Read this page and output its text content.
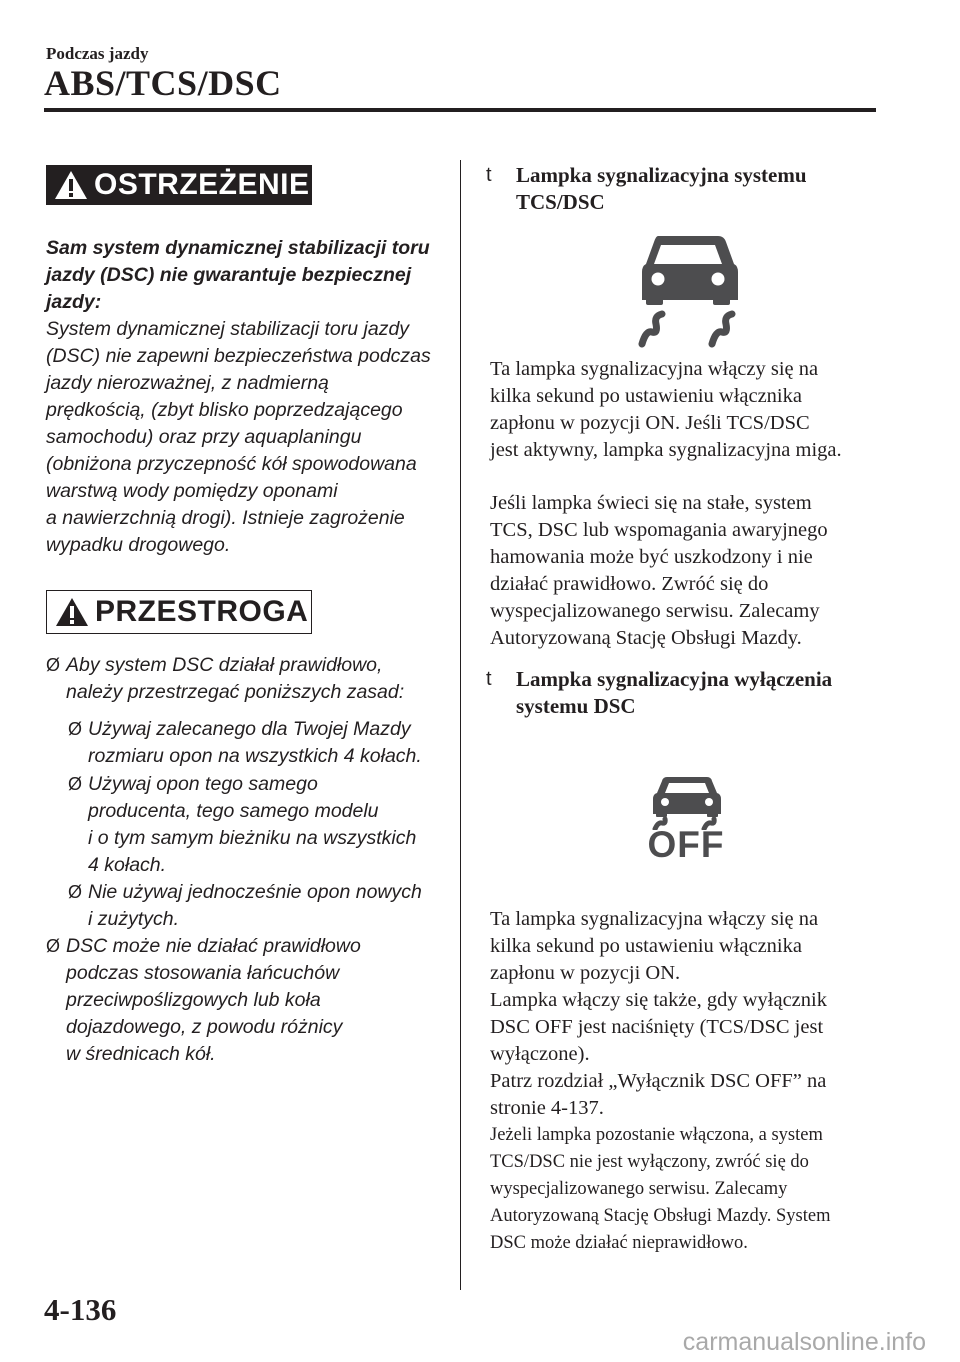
Podczas jazdy
ABS/TCS/DSC
OSTRZEŻENIE
Sam system dynamicznej stabilizacji toru
jazdy (DSC) nie gwarantuje bezpiecznej
jazdy:
System dynamicznej stabilizacji toru jazdy
(DSC) nie zapewni bezpieczeństwa podczas
jazdy nierozważnej, z nadmierną
prędkością, (zbyt blisko poprzedzającego
samochodu) oraz przy aquaplaningu
(obniżona przyczepność kół spowodowana
warstwą wody pomiędzy oponami
a nawierzchnią drogi). Istnieje zagrożenie
wypadku drogowego.
PRZESTROGA
Ø Aby system DSC działał prawidłowo,
należy przestrzegać poniższych zasad:
Ø Używaj zalecanego dla Twojej Mazdy
rozmiaru opon na wszystkich 4 kołach.
Ø Używaj opon tego samego
producenta, tego samego modelu
i o tym samym bieżniku na wszystkich
4 kołach.
Ø Nie używaj jednocześnie opon nowych
i zużytych.
Ø DSC może nie działać prawidłowo
podczas stosowania łańcuchów
przeciwpoślizgowych lub koła
dojazdowego, z powodu różnicy
w średnicach kół.
t Lampka sygnalizacyjna systemu
TCS/DSC
Ta lampka sygnalizacyjna włączy się na
kilka sekund po ustawieniu włącznika
zapłonu w pozycji ON. Jeśli TCS/DSC
jest aktywny, lampka sygnalizacyjna miga.
Jeśli lampka świeci się na stałe, system
TCS, DSC lub wspomagania awaryjnego
hamowania może być uszkodzony i nie
działać prawidłowo. Zwróć się do
wyspecjalizowanego serwisu. Zalecamy
Autoryzowaną Stację Obsługi Mazdy.
t Lampka sygnalizacyjna wyłączenia
systemu DSC
OFF
Ta lampka sygnalizacyjna włączy się na
kilka sekund po ustawieniu włącznika
zapłonu w pozycji ON.
Lampka włączy się także, gdy wyłącznik
DSC OFF jest naciśnięty (TCS/DSC jest
wyłączone).
Patrz rozdział „Wyłącznik DSC OFF” na
stronie 4-137.
Jeżeli lampka pozostanie włączona, a system
TCS/DSC nie jest wyłączony, zwróć się do
wyspecjalizowanego serwisu. Zalecamy
Autoryzowaną Stację Obsługi Mazdy. System
DSC może działać nieprawidłowo.
4-136
carmanualsonline.info
